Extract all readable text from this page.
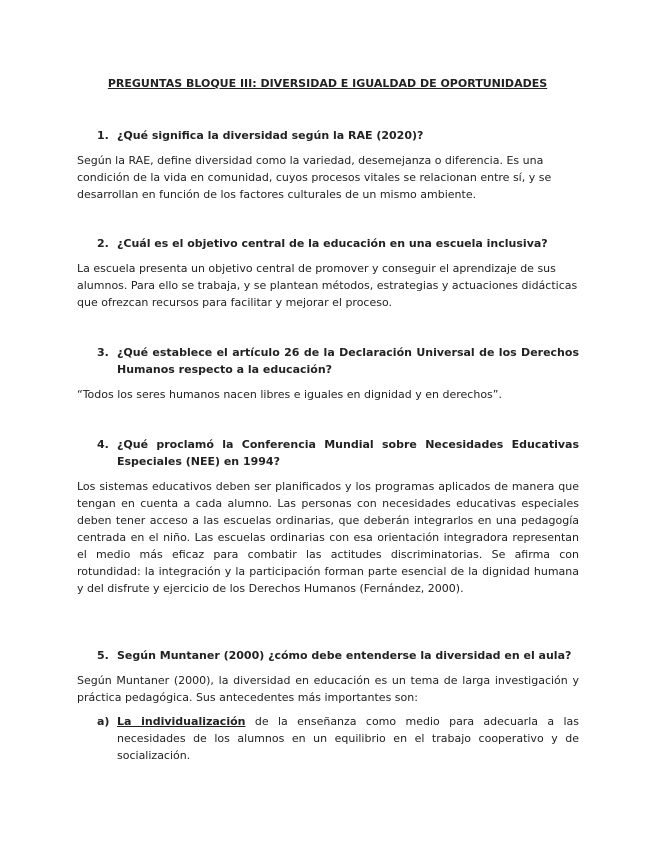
PREGUNTAS BLOQUE III: DIVERSIDAD E IGUALDAD DE OPORTUNIDADES
1. ¿Qué significa la diversidad según la RAE (2020)?
Según la RAE, define diversidad como la variedad, desemejanza o diferencia. Es una condición de la vida en comunidad, cuyos procesos vitales se relacionan entre sí, y se desarrollan en función de los factores culturales de un mismo ambiente.
2. ¿Cuál es el objetivo central de la educación en una escuela inclusiva?
La escuela presenta un objetivo central de promover y conseguir el aprendizaje de sus alumnos. Para ello se trabaja, y se plantean métodos, estrategias y actuaciones didácticas que ofrezcan recursos para facilitar y mejorar el proceso.
3. ¿Qué establece el artículo 26 de la Declaración Universal de los Derechos Humanos respecto a la educación?
“Todos los seres humanos nacen libres e iguales en dignidad y en derechos”.
4. ¿Qué proclamó la Conferencia Mundial sobre Necesidades Educativas Especiales (NEE) en 1994?
Los sistemas educativos deben ser planificados y los programas aplicados de manera que tengan en cuenta a cada alumno. Las personas con necesidades educativas especiales deben tener acceso a las escuelas ordinarias, que deberán integrarlos en una pedagogía centrada en el niño. Las escuelas ordinarias con esa orientación integradora representan el medio más eficaz para combatir las actitudes discriminatorias. Se afirma con rotundidad: la integración y la participación forman parte esencial de la dignidad humana y del disfrute y ejercicio de los Derechos Humanos (Fernández, 2000).
5. Según Muntaner (2000) ¿cómo debe entenderse la diversidad en el aula?
Según Muntaner (2000), la diversidad en educación es un tema de larga investigación y práctica pedagógica. Sus antecedentes más importantes son:
a) La individualización de la enseñanza como medio para adecuarla a las necesidades de los alumnos en un equilibrio en el trabajo cooperativo y de socialización.
